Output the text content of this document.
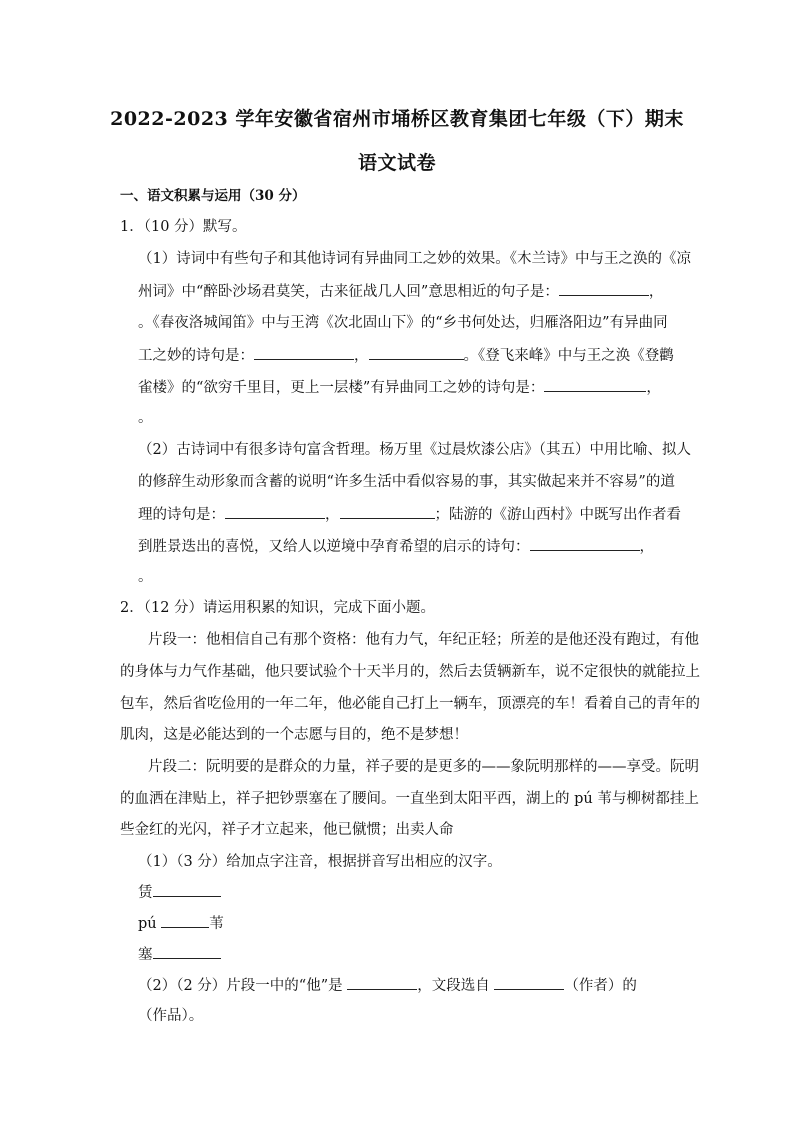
2022-2023 学年安徽省宿州市埇桥区教育集团七年级（下）期末
语文试卷
一、语文积累与运用（30 分）
1．（10 分）默写。
（1）诗词中有些句子和其他诗词有异曲同工之妙的效果。《木兰诗》中与王之涣的《凉
州词》中“醉卧沙场君莫笑，古来征战几人回”意思相近的句子是：	，
。《春夜洛城闻笛》中与王湾《次北固山下》的“乡书何处达，归雁洛阳边”有异曲同
工之妙的诗句是：	，	。《登飞来峰》中与王之涣《登鹳
雀楼》的“欲穷千里目，更上一层楼”有异曲同工之妙的诗句是：	，
。
（2）古诗词中有很多诗句富含哲理。杨万里《过晨炊漆公店》（其五）中用比喻、拟人
的修辞生动形象而含蓄的说明“许多生活中看似容易的事，其实做起来并不容易”的道
理的诗句是：	，	；陆游的《游山西村》中既写出作者看
到胜景迭出的喜悦，又给人以逆境中孕育希望的启示的诗句：	，
。
2．（12 分）请运用积累的知识，完成下面小题。
片段一：他相信自己有那个资格：他有力气，年纪正轻；所差的是他还没有跑过，有他
的身体与力气作基础，他只要试验个十天半月的，然后去赁辆新车，说不定很快的就能拉上
包车，然后省吃俭用的一年二年，他必能自己打上一辆车，顶漂亮的车！看着自己的青年的
肌肉，这是必能达到的一个志愿与目的，绝不是梦想！
片段二：阮明要的是群众的力量，祥子要的是更多的——象阮明那样的——享受。阮明
的血洒在津贴上，祥子把钞票塞在了腰间。一直坐到太阳平西，湖上的 pú 苇与柳树都挂上
些金红的光闪，祥子才立起来，他已僦惯；出卖人命
（1）（3 分）给加点字注音，根据拼音写出相应的汉字。
赁
pú	苇
塞
（2）（2 分）片段一中的“他”是	，文段选自	（作者）的
（作品）。
